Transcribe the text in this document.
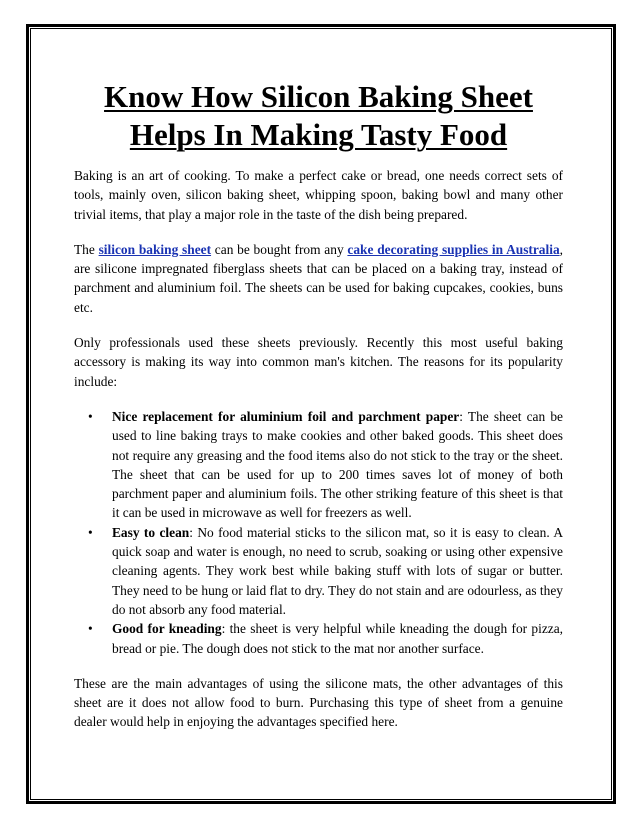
Know How Silicon Baking Sheet Helps In Making Tasty Food

Baking is an art of cooking. To make a perfect cake or bread, one needs correct sets of tools, mainly oven, silicon baking sheet, whipping spoon, baking bowl and many other trivial items, that play a major role in the taste of the dish being prepared.

The silicon baking sheet can be bought from any cake decorating supplies in Australia, are silicone impregnated fiberglass sheets that can be placed on a baking tray, instead of parchment and aluminium foil. The sheets can be used for baking cupcakes, cookies, buns etc.

Only professionals used these sheets previously. Recently this most useful baking accessory is making its way into common man's kitchen. The reasons for its popularity include:

• Nice replacement for aluminium foil and parchment paper: The sheet can be used to line baking trays to make cookies and other baked goods. This sheet does not require any greasing and the food items also do not stick to the tray or the sheet. The sheet that can be used for up to 200 times saves lot of money of both parchment paper and aluminium foils. The other striking feature of this sheet is that it can be used in microwave as well for freezers as well.
• Easy to clean: No food material sticks to the silicon mat, so it is easy to clean. A quick soap and water is enough, no need to scrub, soaking or using other expensive cleaning agents. They work best while baking stuff with lots of sugar or butter. They need to be hung or laid flat to dry. They do not stain and are odourless, as they do not absorb any food material.
• Good for kneading: the sheet is very helpful while kneading the dough for pizza, bread or pie. The dough does not stick to the mat nor another surface.

These are the main advantages of using the silicone mats, the other advantages of this sheet are it does not allow food to burn. Purchasing this type of sheet from a genuine dealer would help in enjoying the advantages specified here.
